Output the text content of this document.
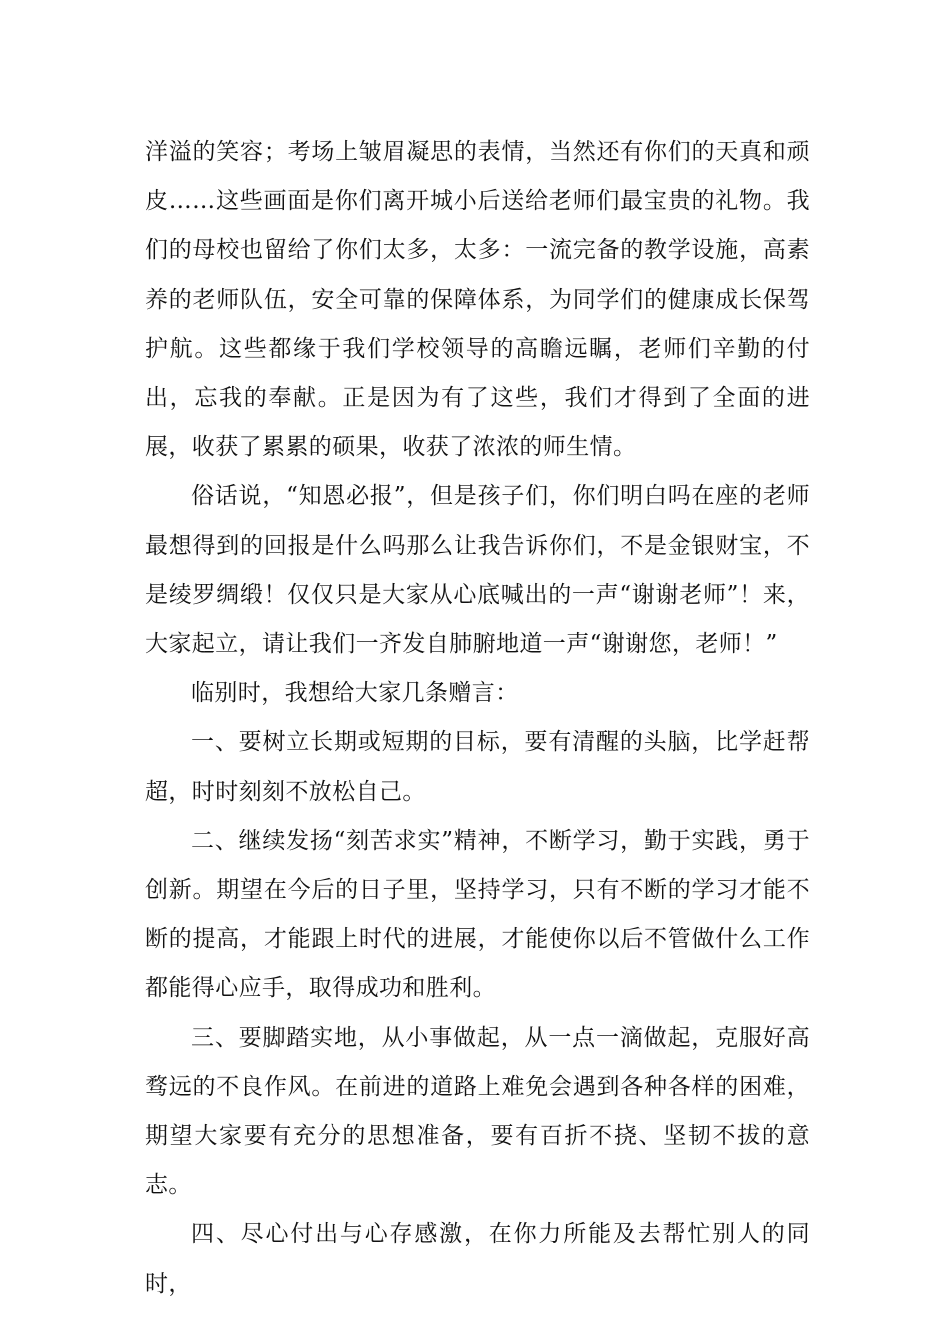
洋溢的笑容；考场上皱眉凝思的表情，当然还有你们的天真和顽皮……这些画面是你们离开城小后送给老师们最宝贵的礼物。我们的母校也留给了你们太多，太多：一流完备的教学设施，高素养的老师队伍，安全可靠的保障体系，为同学们的健康成长保驾护航。这些都缘于我们学校领导的高瞻远瞩，老师们辛勤的付出，忘我的奉献。正是因为有了这些，我们才得到了全面的进展，收获了累累的硕果，收获了浓浓的师生情。

俗话说，“知恩必报”，但是孩子们，你们明白吗在座的老师最想得到的回报是什么吗那么让我告诉你们，不是金银财宝，不是绫罗绸缎！仅仅只是大家从心底喊出的一声“谢谢老师”！来，大家起立，请让我们一齐发自肺腑地道一声“谢谢您，老师！”

临别时，我想给大家几条赠言：

一、要树立长期或短期的目标，要有清醒的头脑，比学赶帮超，时时刻刻不放松自己。

二、继续发扬“刻苦求实”精神，不断学习，勤于实践，勇于创新。期望在今后的日子里，坚持学习，只有不断的学习才能不断的提高，才能跟上时代的进展，才能使你以后不管做什么工作都能得心应手，取得成功和胜利。

三、要脚踏实地，从小事做起，从一点一滴做起，克服好高骛远的不良作风。在前进的道路上难免会遇到各种各样的困难，期望大家要有充分的思想准备，要有百折不挠、坚韧不拔的意志。

四、尽心付出与心存感激，在你力所能及去帮忙别人的同时，
